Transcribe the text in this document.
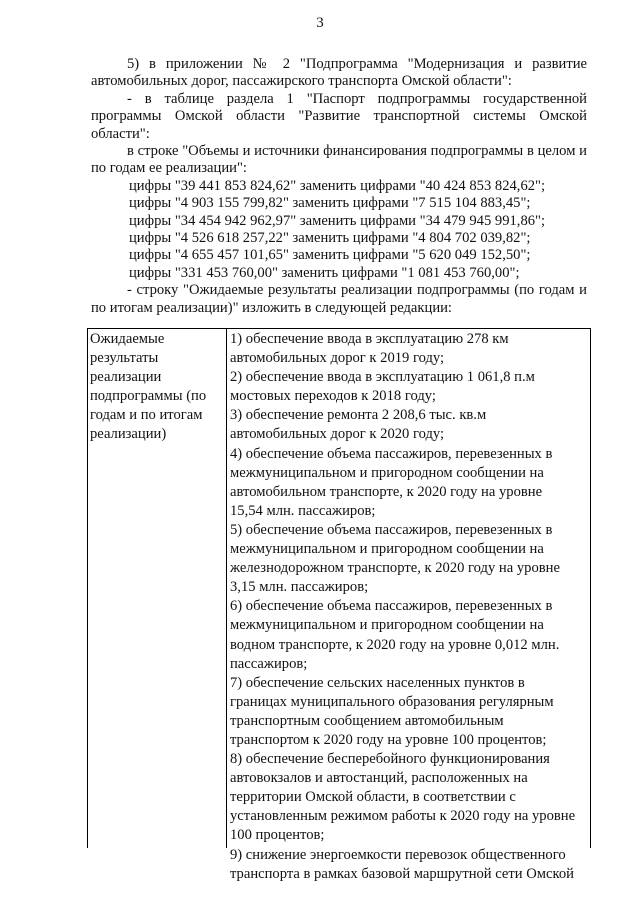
3

5) в приложении № 2 "Подпрограмма "Модернизация и развитие автомобильных дорог, пассажирского транспорта Омской области":

- в таблице раздела 1 "Паспорт подпрограммы государственной программы Омской области "Развитие транспортной системы Омской области":

в строке "Объемы и источники финансирования подпрограммы в целом и по годам ее реализации":

цифры "39 441 853 824,62" заменить цифрами "40 424 853 824,62";
цифры "4 903 155 799,82" заменить цифрами "7 515 104 883,45";
цифры "34 454 942 962,97" заменить цифрами "34 479 945 991,86";
цифры "4 526 618 257,22" заменить цифрами "4 804 702 039,82";
цифры "4 655 457 101,65" заменить цифрами "5 620 049 152,50";
цифры "331 453 760,00" заменить цифрами "1 081 453 760,00";

- строку "Ожидаемые результаты реализации подпрограммы (по годам и по итогам реализации)" изложить в следующей редакции:

Ожидаемые
результаты
реализации
подпрограммы (по
годам и по итогам
реализации)
1) обеспечение ввода в эксплуатацию 278 км
автомобильных дорог к 2019 году;
2) обеспечение ввода в эксплуатацию 1 061,8 п.м
мостовых переходов к 2018 году;
3) обеспечение ремонта 2 208,6 тыс. кв.м
автомобильных дорог к 2020 году;
4) обеспечение объема пассажиров, перевезенных в
межмуниципальном и пригородном сообщении на
автомобильном транспорте, к 2020 году на уровне
15,54 млн. пассажиров;
5) обеспечение объема пассажиров, перевезенных в
межмуниципальном и пригородном сообщении на
железнодорожном транспорте, к 2020 году на уровне
3,15 млн. пассажиров;
6) обеспечение объема пассажиров, перевезенных в
межмуниципальном и пригородном сообщении на
водном транспорте, к 2020 году на уровне 0,012 млн.
пассажиров;
7) обеспечение сельских населенных пунктов в
границах муниципального образования регулярным
транспортным сообщением автомобильным
транспортом к 2020 году на уровне 100 процентов;
8) обеспечение бесперебойного функционирования
автовокзалов и автостанций, расположенных на
территории Омской области, в соответствии с
установленным режимом работы к 2020 году на уровне
100 процентов;
9) снижение энергоемкости перевозок общественного
транспорта в рамках базовой маршрутной сети Омской
